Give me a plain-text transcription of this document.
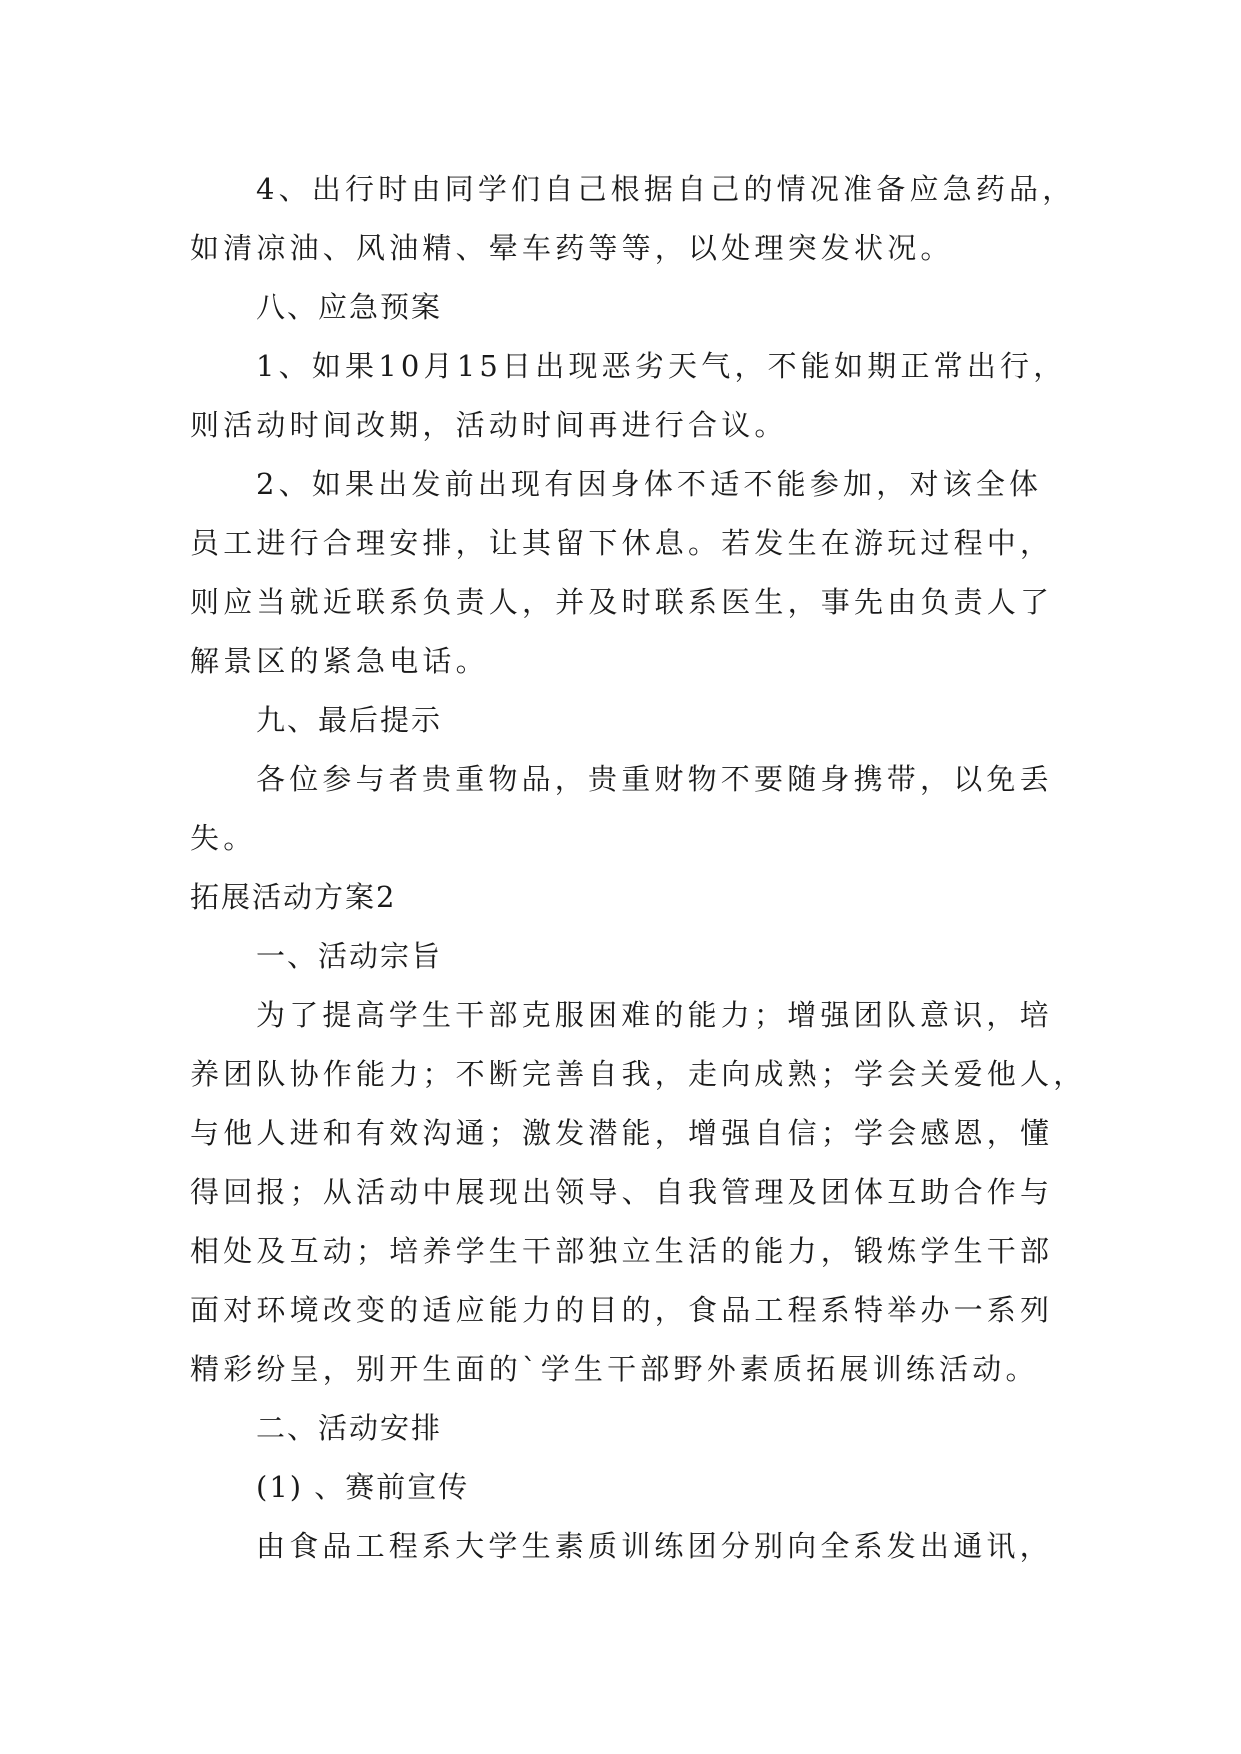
4、出行时由同学们自己根据自己的情况准备应急药品，
如清凉油、风油精、晕车药等等，以处理突发状况。
八、应急预案
1、如果10月15日出现恶劣天气，不能如期正常出行，
则活动时间改期，活动时间再进行合议。
2、如果出发前出现有因身体不适不能参加，对该全体
员工进行合理安排，让其留下休息。若发生在游玩过程中，
则应当就近联系负责人，并及时联系医生，事先由负责人了
解景区的紧急电话。
九、最后提示
各位参与者贵重物品，贵重财物不要随身携带，以免丢
失。
拓展活动方案2
一、活动宗旨
为了提高学生干部克服困难的能力；增强团队意识，培
养团队协作能力；不断完善自我，走向成熟；学会关爱他人，
与他人进和有效沟通；激发潜能，增强自信；学会感恩，懂
得回报；从活动中展现出领导、自我管理及团体互助合作与
相处及互动；培养学生干部独立生活的能力，锻炼学生干部
面对环境改变的适应能力的目的，食品工程系特举办一系列
精彩纷呈，别开生面的`学生干部野外素质拓展训练活动。
二、活动安排
(1) 、赛前宣传
由食品工程系大学生素质训练团分别向全系发出通讯，
